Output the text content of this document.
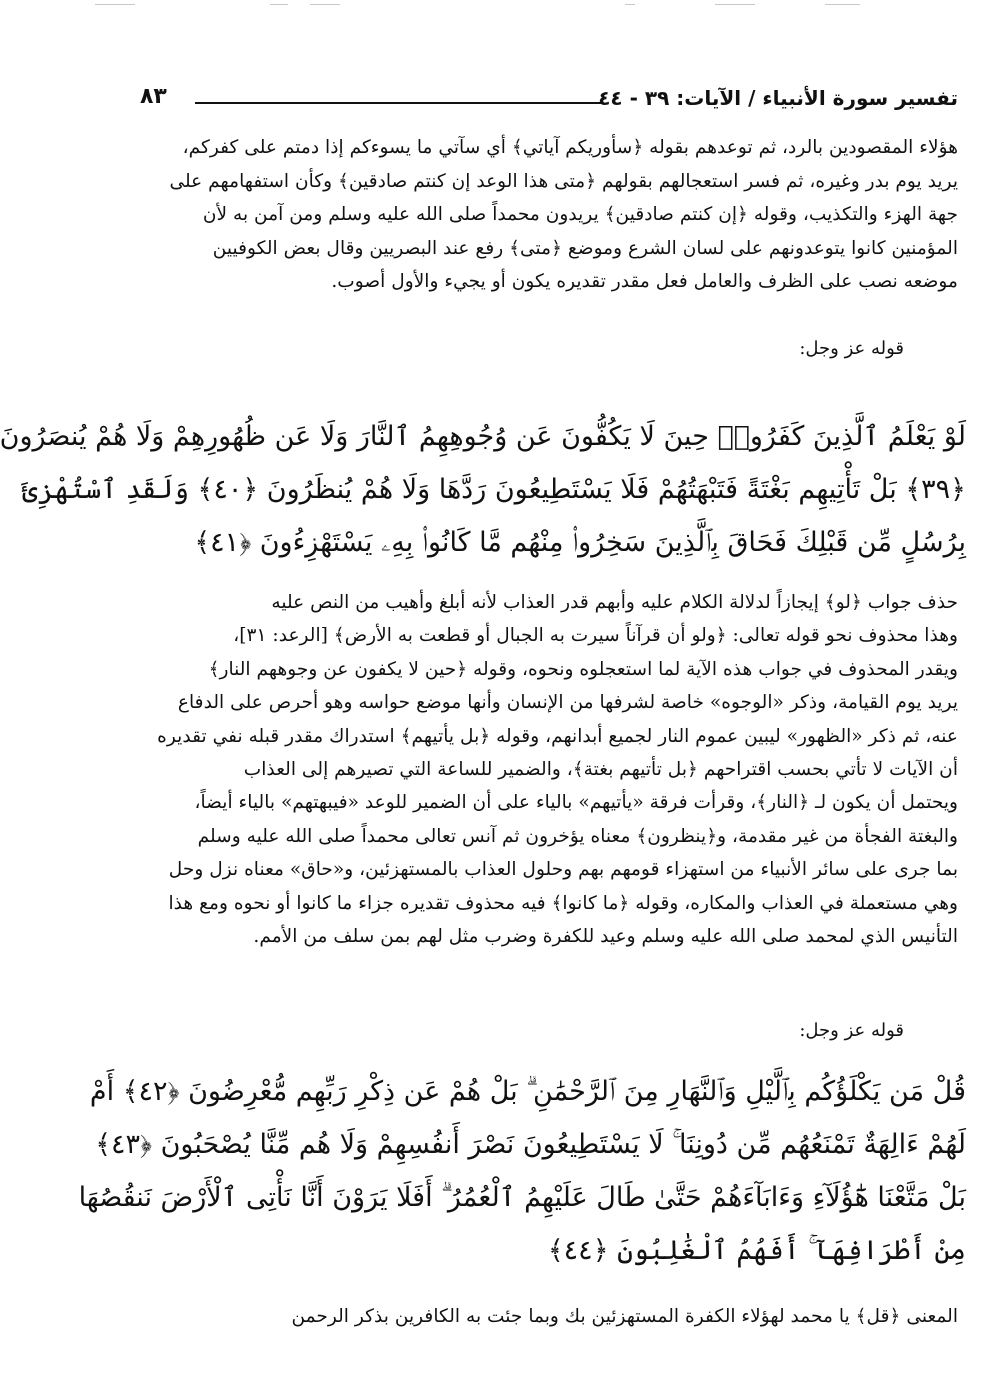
تفسير سورة الأنبياء / الآيات: ٣٩ - ٤٤
٨٣

هؤلاء المقصودين بالرد، ثم توعدهم بقوله ﴿سأوريكم آياتي﴾ أي سآتي ما يسوءكم إذا دمتم على كفركم،
يريد يوم بدر وغيره، ثم فسر استعجالهم بقولهم ﴿متى هذا الوعد إن كنتم صادقين﴾ وكأن استفهامهم على
جهة الهزء والتكذيب، وقوله ﴿إن كنتم صادقين﴾ يريدون محمداً صلى الله عليه وسلم ومن آمن به لأن
المؤمنين كانوا يتوعدونهم على لسان الشرع وموضع ﴿متى﴾ رفع عند البصريين وقال بعض الكوفيين
موضعه نصب على الظرف والعامل فعل مقدر تقديره يكون أو يجيء والأول أصوب.

قوله عز وجل:
لَوْ يَعْلَمُ ٱلَّذِينَ كَفَرُوا۟ حِينَ لَا يَكُفُّونَ عَن وُجُوهِهِمُ ٱلنَّارَ وَلَا عَن ظُهُورِهِمْ وَلَا هُمْ يُنصَرُونَ
﴿٣٩﴾ بَلْ تَأْتِيهِم بَغْتَةً فَتَبْهَتُهُمْ فَلَا يَسْتَطِيعُونَ رَدَّهَا وَلَا هُمْ يُنظَرُونَ ﴿٤٠﴾ وَلَقَدِ ٱسْتُهْزِئَ
بِرُسُلٍ مِّن قَبْلِكَ فَحَاقَ بِٱلَّذِينَ سَخِرُوا۟ مِنْهُم مَّا كَانُوا۟ بِهِۦ يَسْتَهْزِءُونَ ﴿٤١﴾

حذف جواب ﴿لو﴾ إيجازاً لدلالة الكلام عليه وأبهم قدر العذاب لأنه أبلغ وأهيب من النص عليه
وهذا محذوف نحو قوله تعالى: ﴿ولو أن قرآناً سيرت به الجبال أو قطعت به الأرض﴾ [الرعد: ٣١]،
ويقدر المحذوف في جواب هذه الآية لما استعجلوه ونحوه، وقوله ﴿حين لا يكفون عن وجوههم النار﴾
يريد يوم القيامة، وذكر «الوجوه» خاصة لشرفها من الإنسان وأنها موضع حواسه وهو أحرص على الدفاع
عنه، ثم ذكر «الظهور» ليبين عموم النار لجميع أبدانهم، وقوله ﴿بل يأتيهم﴾ استدراك مقدر قبله نفي تقديره
أن الآيات لا تأتي بحسب اقتراحهم ﴿بل تأتيهم بغتة﴾، والضمير للساعة التي تصيرهم إلى العذاب
ويحتمل أن يكون لـ ﴿النار﴾، وقرأت فرقة «يأتيهم» بالياء على أن الضمير للوعد «فيبهتهم» بالياء أيضاً،
والبغتة الفجأة من غير مقدمة، و﴿ينظرون﴾ معناه يؤخرون ثم آنس تعالى محمداً صلى الله عليه وسلم
بما جرى على سائر الأنبياء من استهزاء قومهم بهم وحلول العذاب بالمستهزئين، و«حاق» معناه نزل وحل
وهي مستعملة في العذاب والمكاره، وقوله ﴿ما كانوا﴾ فيه محذوف تقديره جزاء ما كانوا أو نحوه ومع هذا
التأنيس الذي لمحمد صلى الله عليه وسلم وعيد للكفرة وضرب مثل لهم بمن سلف من الأمم.

قوله عز وجل:
قُلْ مَن يَكْلَؤُكُم بِٱلَّيْلِ وَٱلنَّهَارِ مِنَ ٱلرَّحْمَٰنِ ۗ بَلْ هُمْ عَن ذِكْرِ رَبِّهِم مُّعْرِضُونَ ﴿٤٢﴾ أَمْ
لَهُمْ ءَالِهَةٌ تَمْنَعُهُم مِّن دُونِنَا ۚ لَا يَسْتَطِيعُونَ نَصْرَ أَنفُسِهِمْ وَلَا هُم مِّنَّا يُصْحَبُونَ ﴿٤٣﴾
بَلْ مَتَّعْنَا هَٰٓؤُلَآءِ وَءَابَآءَهُمْ حَتَّىٰ طَالَ عَلَيْهِمُ ٱلْعُمُرُ ۗ أَفَلَا يَرَوْنَ أَنَّا نَأْتِى ٱلْأَرْضَ نَنقُصُهَا
مِنْ أَطْرَافِهَآ ۚ أَفَهُمُ ٱلْغَٰلِبُونَ ﴿٤٤﴾

المعنى ﴿قل﴾ يا محمد لهؤلاء الكفرة المستهزئين بك وبما جئت به الكافرين بذكر الرحمن
